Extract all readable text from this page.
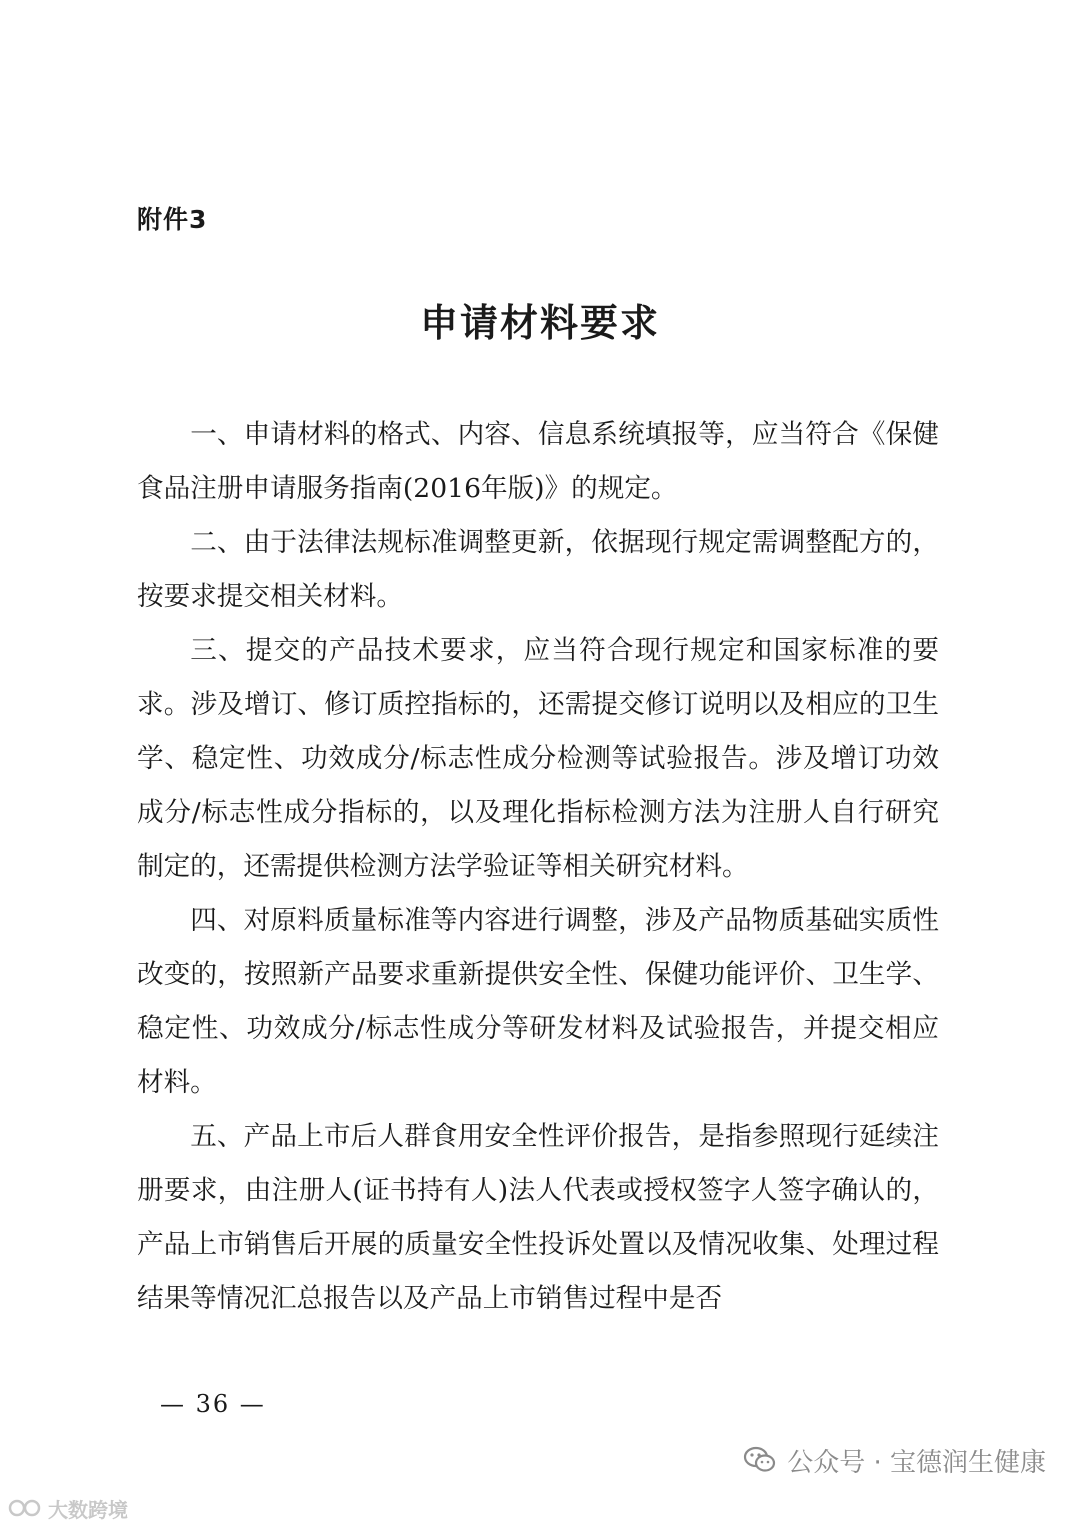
附件3
申请材料要求

一、申请材料的格式、内容、信息系统填报等，应当符合《保健食品注册申请服务指南(2016年版)》的规定。

二、由于法律法规标准调整更新，依据现行规定需调整配方的，按要求提交相关材料。

三、提交的产品技术要求，应当符合现行规定和国家标准的要求。涉及增订、修订质控指标的，还需提交修订说明以及相应的卫生学、稳定性、功效成分/标志性成分检测等试验报告。涉及增订功效成分/标志性成分指标的，以及理化指标检测方法为注册人自行研究制定的，还需提供检测方法学验证等相关研究材料。

四、对原料质量标准等内容进行调整，涉及产品物质基础实质性改变的，按照新产品要求重新提供安全性、保健功能评价、卫生学、稳定性、功效成分/标志性成分等研发材料及试验报告，并提交相应材料。

五、产品上市后人群食用安全性评价报告，是指参照现行延续注册要求，由注册人(证书持有人)法人代表或授权签字人签字确认的，产品上市销售后开展的质量安全性投诉处置以及情况收集、处理过程结果等情况汇总报告以及产品上市销售过程中是否

— 36 —
公众号 · 宝德润生健康
大数跨境
